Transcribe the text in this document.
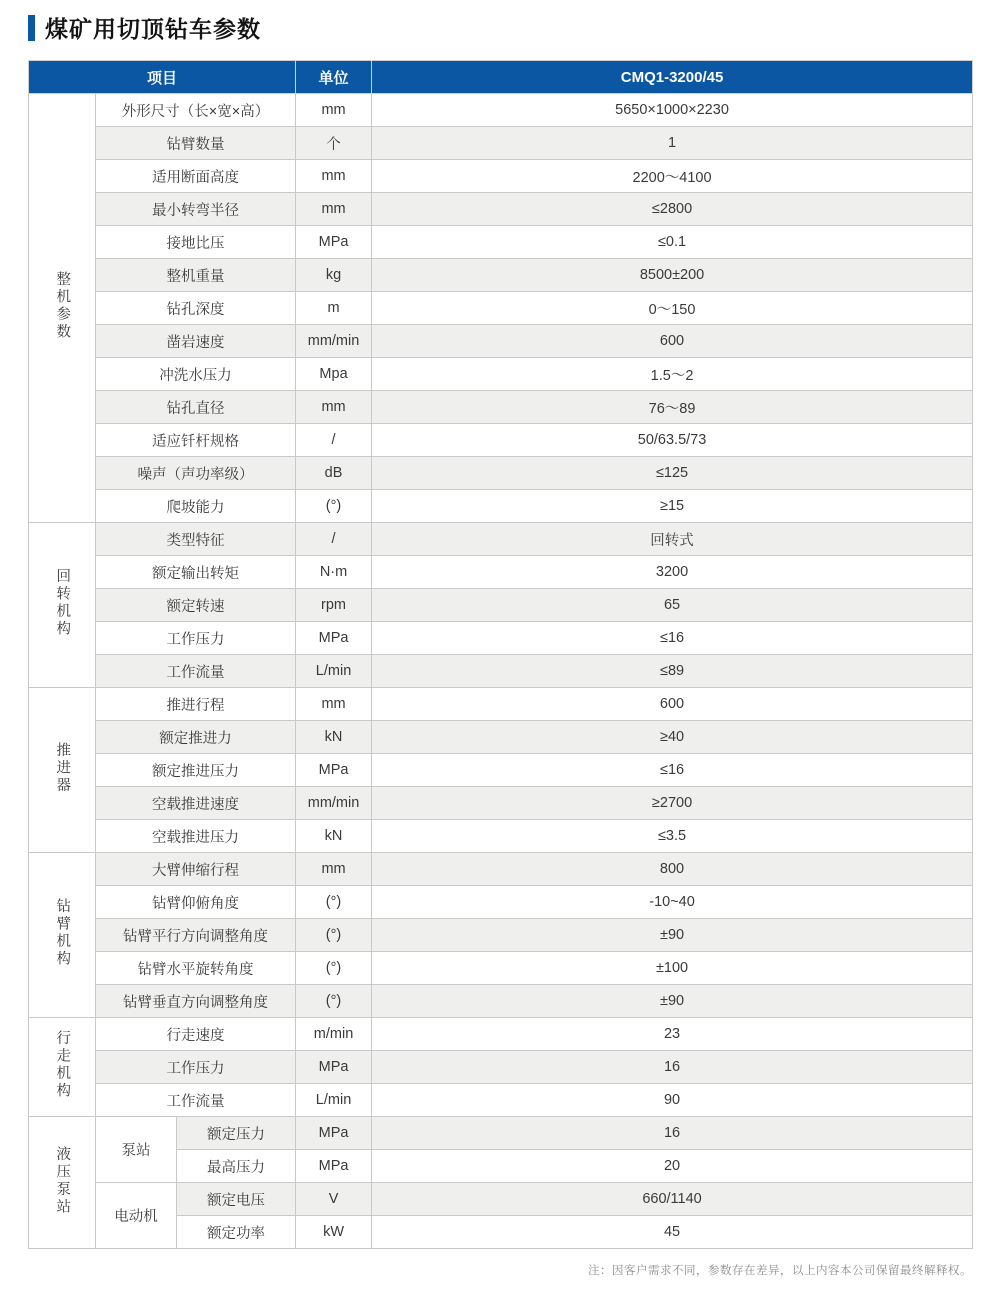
煤矿用切顶钻车参数
项目			单位	CMQ1-3200/45
整机参数	外形尺寸（长×宽×高）		mm	5650×1000×2230
	钻臂数量		个	1
	适用断面高度		mm	2200～4100
	最小转弯半径		mm	≤2800
	接地比压		MPa	≤0.1
	整机重量		kg	8500±200
	钻孔深度		m	0～150
	凿岩速度		mm/min	600
	冲洗水压力		Mpa	1.5～2
	钻孔直径		mm	76～89
	适应钎杆规格		/	50/63.5/73
	噪声（声功率级）		dB	≤125
	爬坡能力		(°)	≥15
回转机构	类型特征		/	回转式
	额定输出转矩		N·m	3200
	额定转速		rpm	65
	工作压力		MPa	≤16
	工作流量		L/min	≤89
推进器	推进行程		mm	600
	额定推进力		kN	≥40
	额定推进压力		MPa	≤16
	空载推进速度		mm/min	≥2700
	空载推进压力		kN	≤3.5
钻臂机构	大臂伸缩行程		mm	800
	钻臂仰俯角度		(°)	-10~40
	钻臂平行方向调整角度		(°)	±90
	钻臂水平旋转角度		(°)	±100
	钻臂垂直方向调整角度		(°)	±90
行走机构	行走速度		m/min	23
	工作压力		MPa	16
	工作流量		L/min	90
液压泵站	泵站	额定压力	MPa	16
		最高压力	MPa	20
	电动机	额定电压	V	660/1140
		额定功率	kW	45
注：因客户需求不同，参数存在差异，以上内容本公司保留最终解释权。
